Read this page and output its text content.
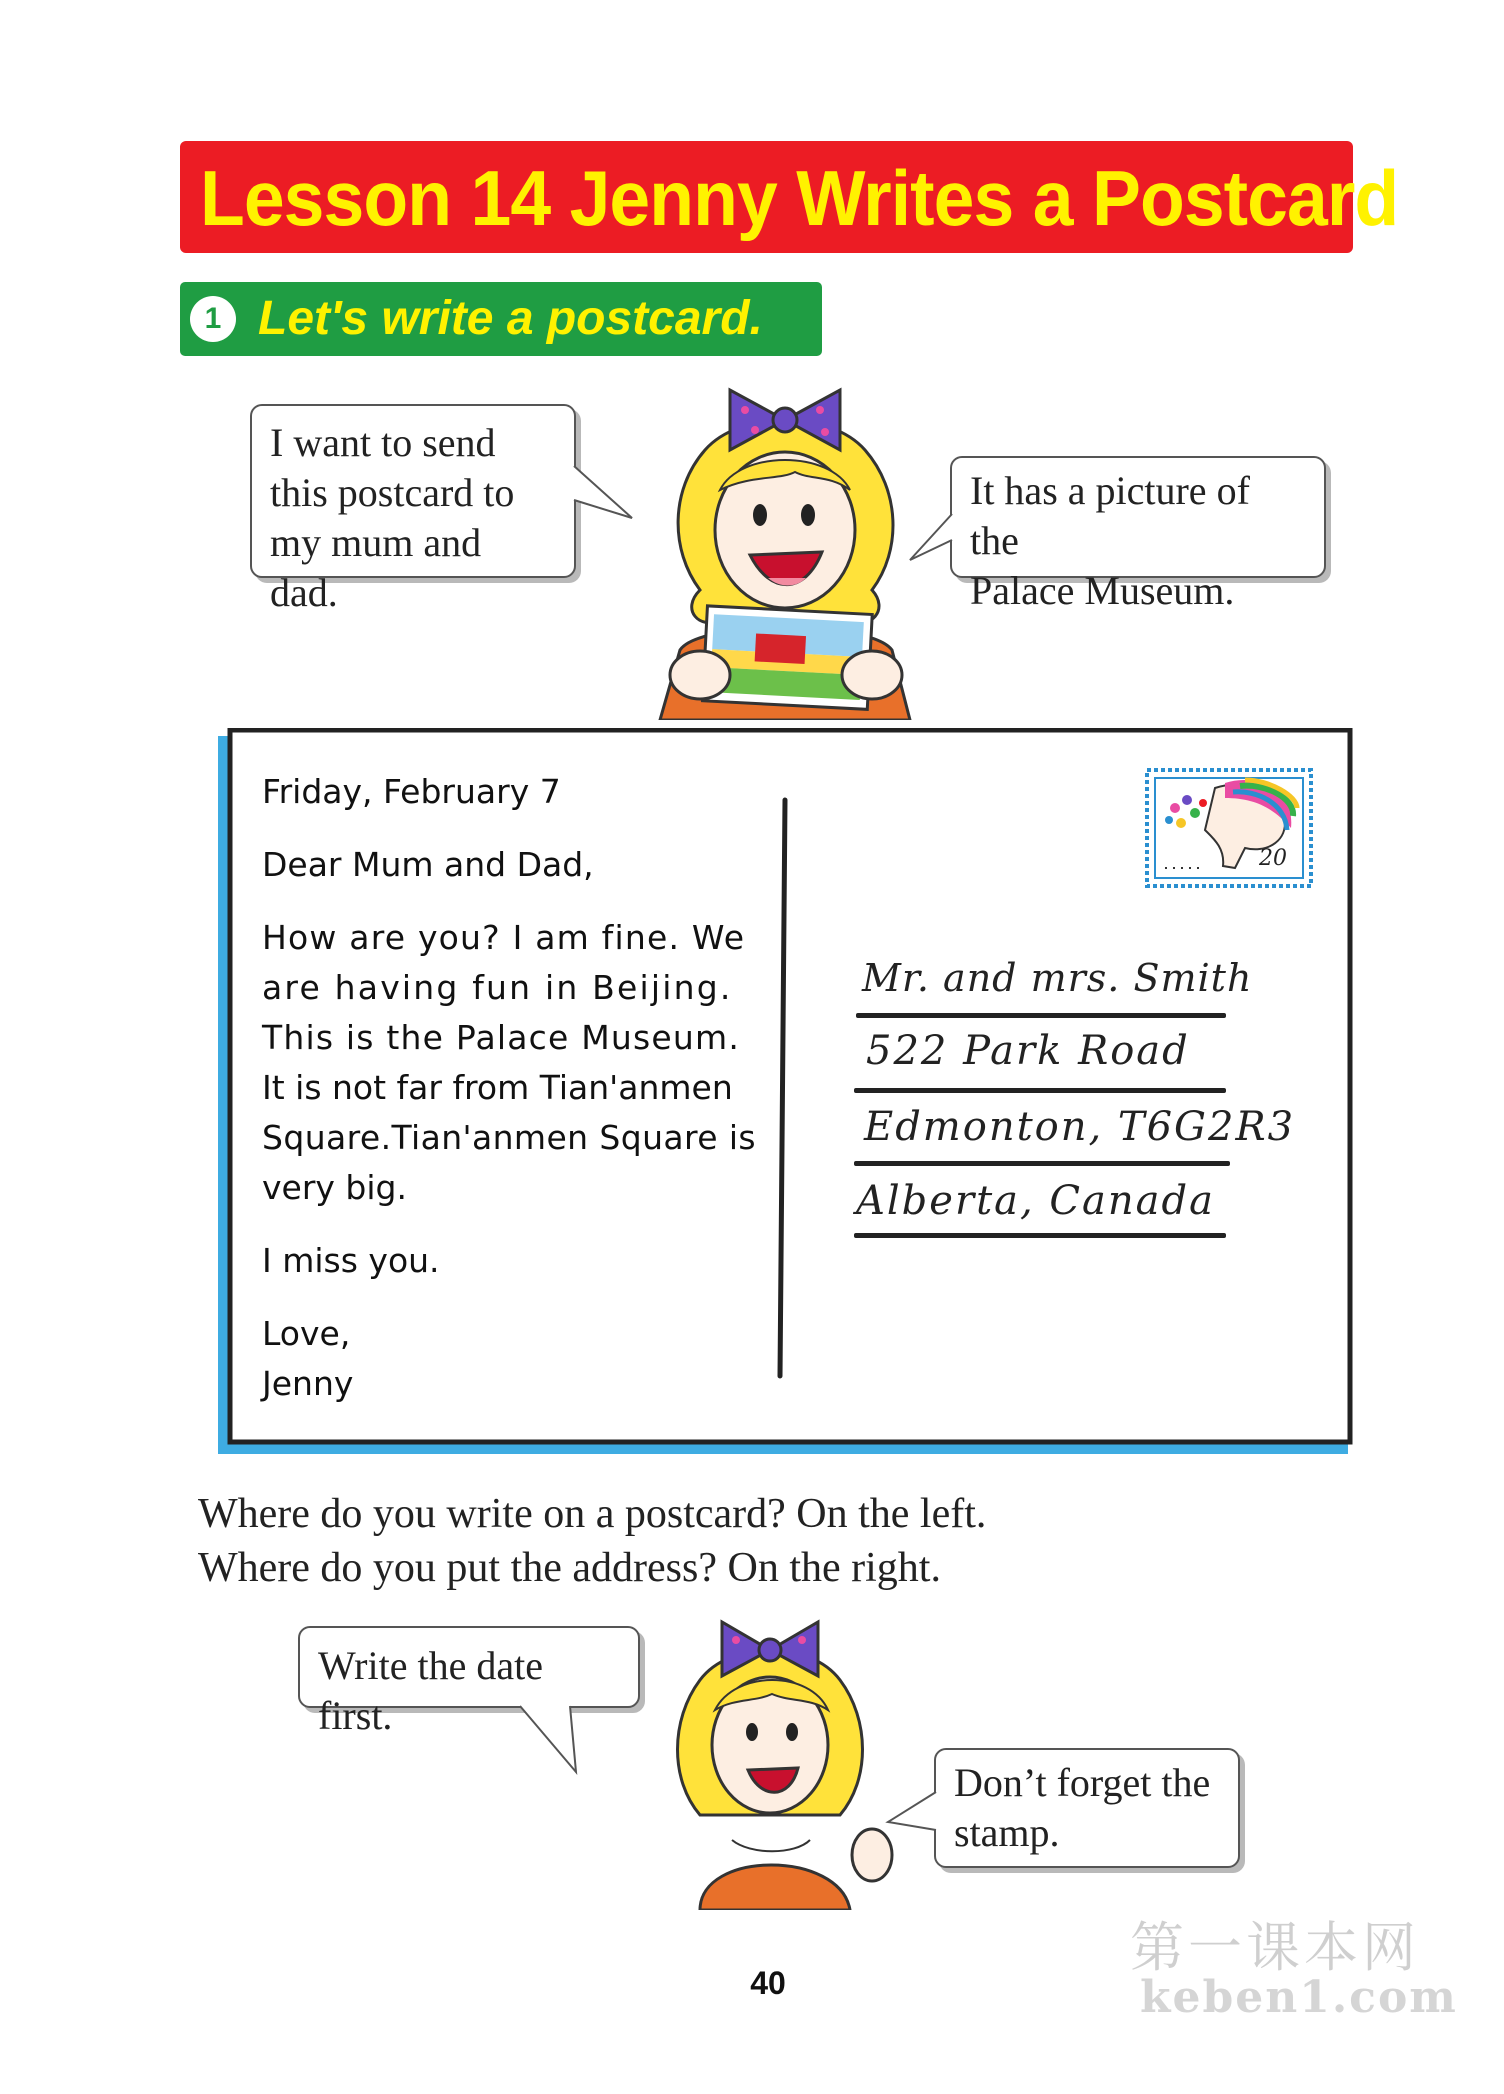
Lesson 14 Jenny Writes a Postcard
1 Let's write a postcard.
I want to send
this postcard to
my mum and dad.
It has a picture of the
Palace Museum.
Friday, February 7
Dear Mum and Dad,
How are you? I am fine. We
are having fun in Beijing.
This is the Palace Museum.
It is not far from Tian'anmen
Square.Tian'anmen Square is
very big.
I miss you.
Love,
Jenny
20
Mr. and mrs. Smith
522 Park Road
Edmonton, T6G2R3
Alberta, Canada
Where do you write on a postcard? On the left.
Where do you put the address? On the right.
Write the date first.
Don’t forget the
stamp.
40
第一课本网
keben1.com
